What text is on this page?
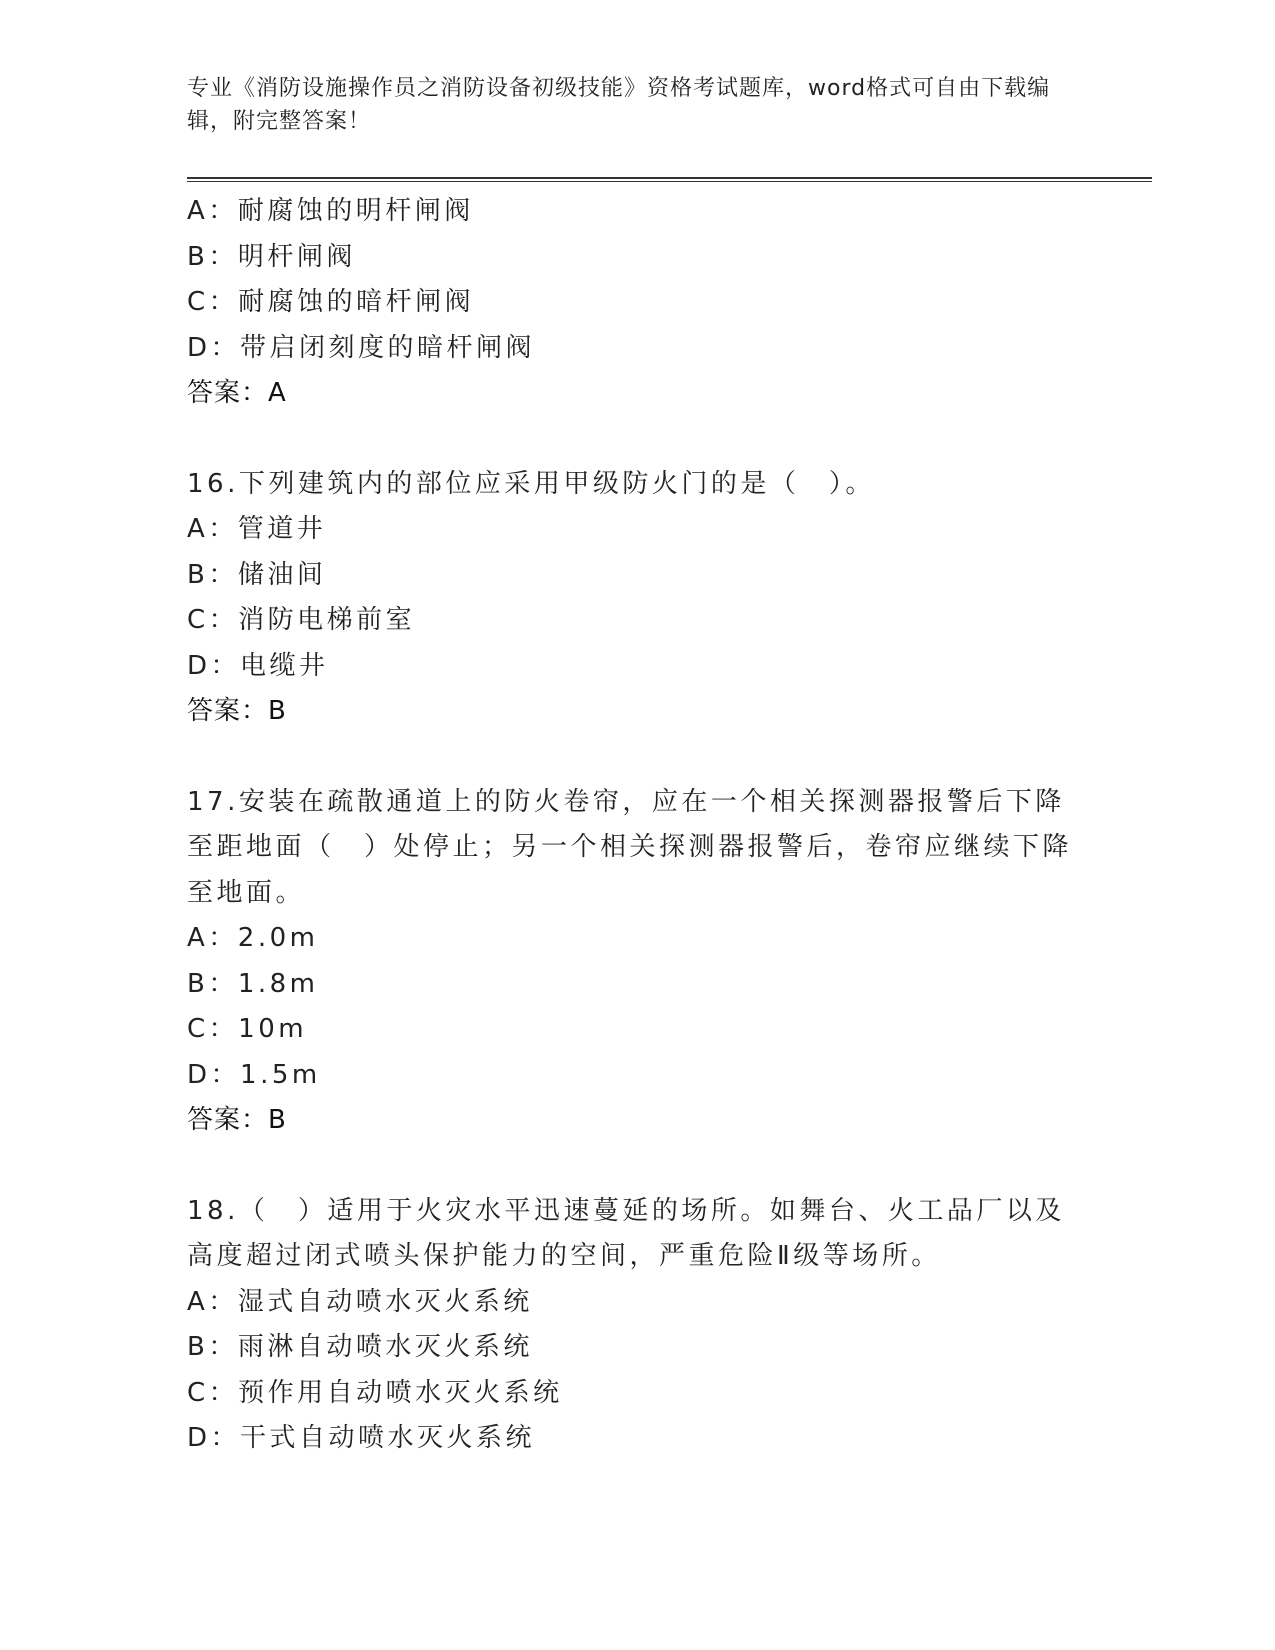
专业《消防设施操作员之消防设备初级技能》资格考试题库，word格式可自由下载编辑，附完整答案！
A：耐腐蚀的明杆闸阀
B：明杆闸阀
C：耐腐蚀的暗杆闸阀
D：带启闭刻度的暗杆闸阀
答案：A
16.下列建筑内的部位应采用甲级防火门的是（　）。
A：管道井
B：储油间
C：消防电梯前室
D：电缆井
答案：B
17.安装在疏散通道上的防火卷帘，应在一个相关探测器报警后下降至距地面（　）处停止；另一个相关探测器报警后，卷帘应继续下降至地面。
A：2.0m
B：1.8m
C：10m
D：1.5m
答案：B
18.（　）适用于火灾水平迅速蔓延的场所。如舞台、火工品厂以及高度超过闭式喷头保护能力的空间，严重危险Ⅱ级等场所。
A：湿式自动喷水灭火系统
B：雨淋自动喷水灭火系统
C：预作用自动喷水灭火系统
D：干式自动喷水灭火系统
